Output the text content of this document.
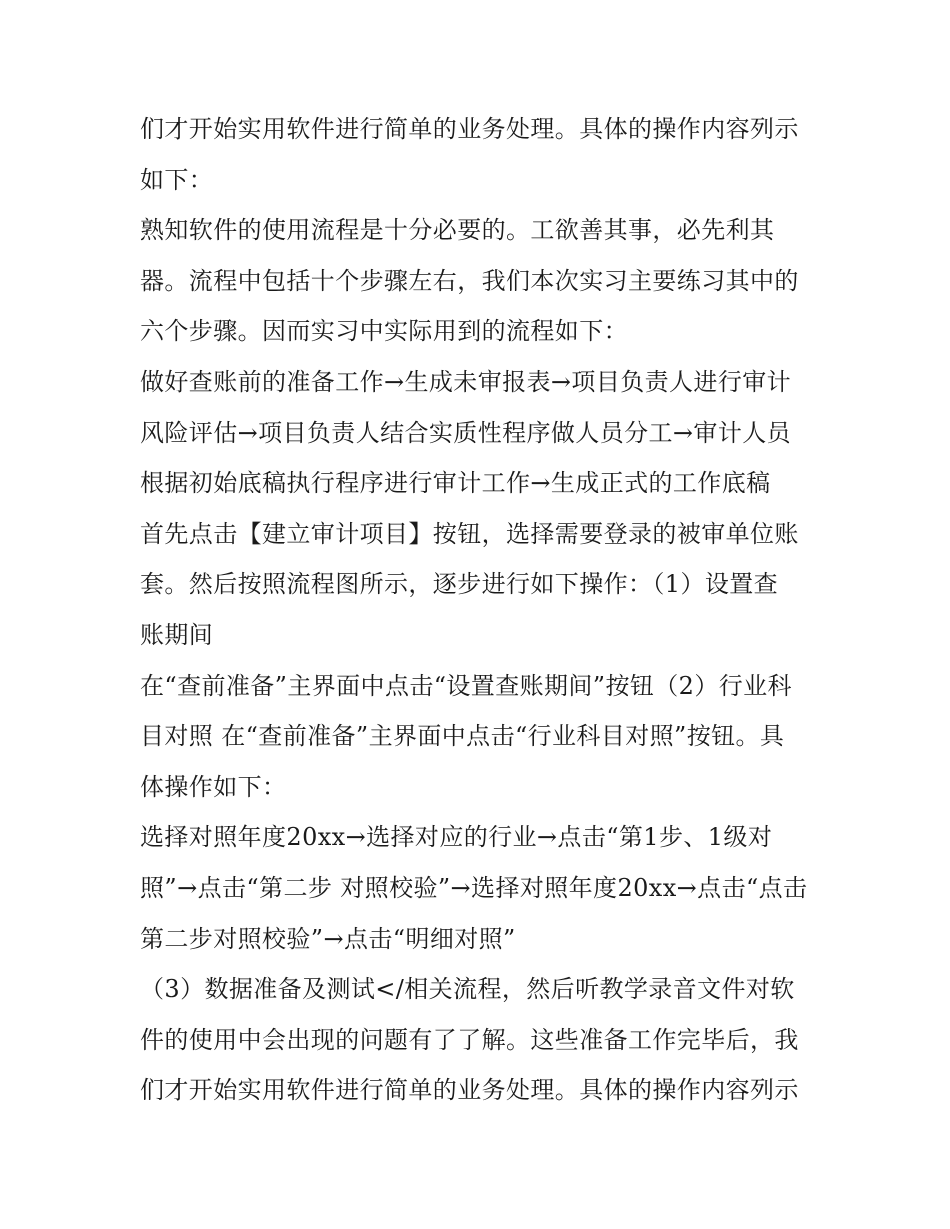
们才开始实用软件进行简单的业务处理。具体的操作内容列示
如下：
熟知软件的使用流程是十分必要的。工欲善其事，必先利其
器。流程中包括十个步骤左右，我们本次实习主要练习其中的
六个步骤。因而实习中实际用到的流程如下：
做好查账前的准备工作→生成未审报表→项目负责人进行审计
风险评估→项目负责人结合实质性程序做人员分工→审计人员
根据初始底稿执行程序进行审计工作→生成正式的工作底稿
首先点击【建立审计项目】按钮，选择需要登录的被审单位账
套。然后按照流程图所示，逐步进行如下操作：（1）设置查
账期间
在“查前准备”主界面中点击“设置查账期间”按钮（2）行业科
目对照 在“查前准备”主界面中点击“行业科目对照”按钮。具
体操作如下：
选择对照年度20xx→选择对应的行业→点击“第1步、1级对
照”→点击“第二步 对照校验”→选择对照年度20xx→点击“点击
第二步对照校验”→点击“明细对照”
（3）数据准备及测试</相关流程，然后听教学录音文件对软
件的使用中会出现的问题有了了解。这些准备工作完毕后，我
们才开始实用软件进行简单的业务处理。具体的操作内容列示
